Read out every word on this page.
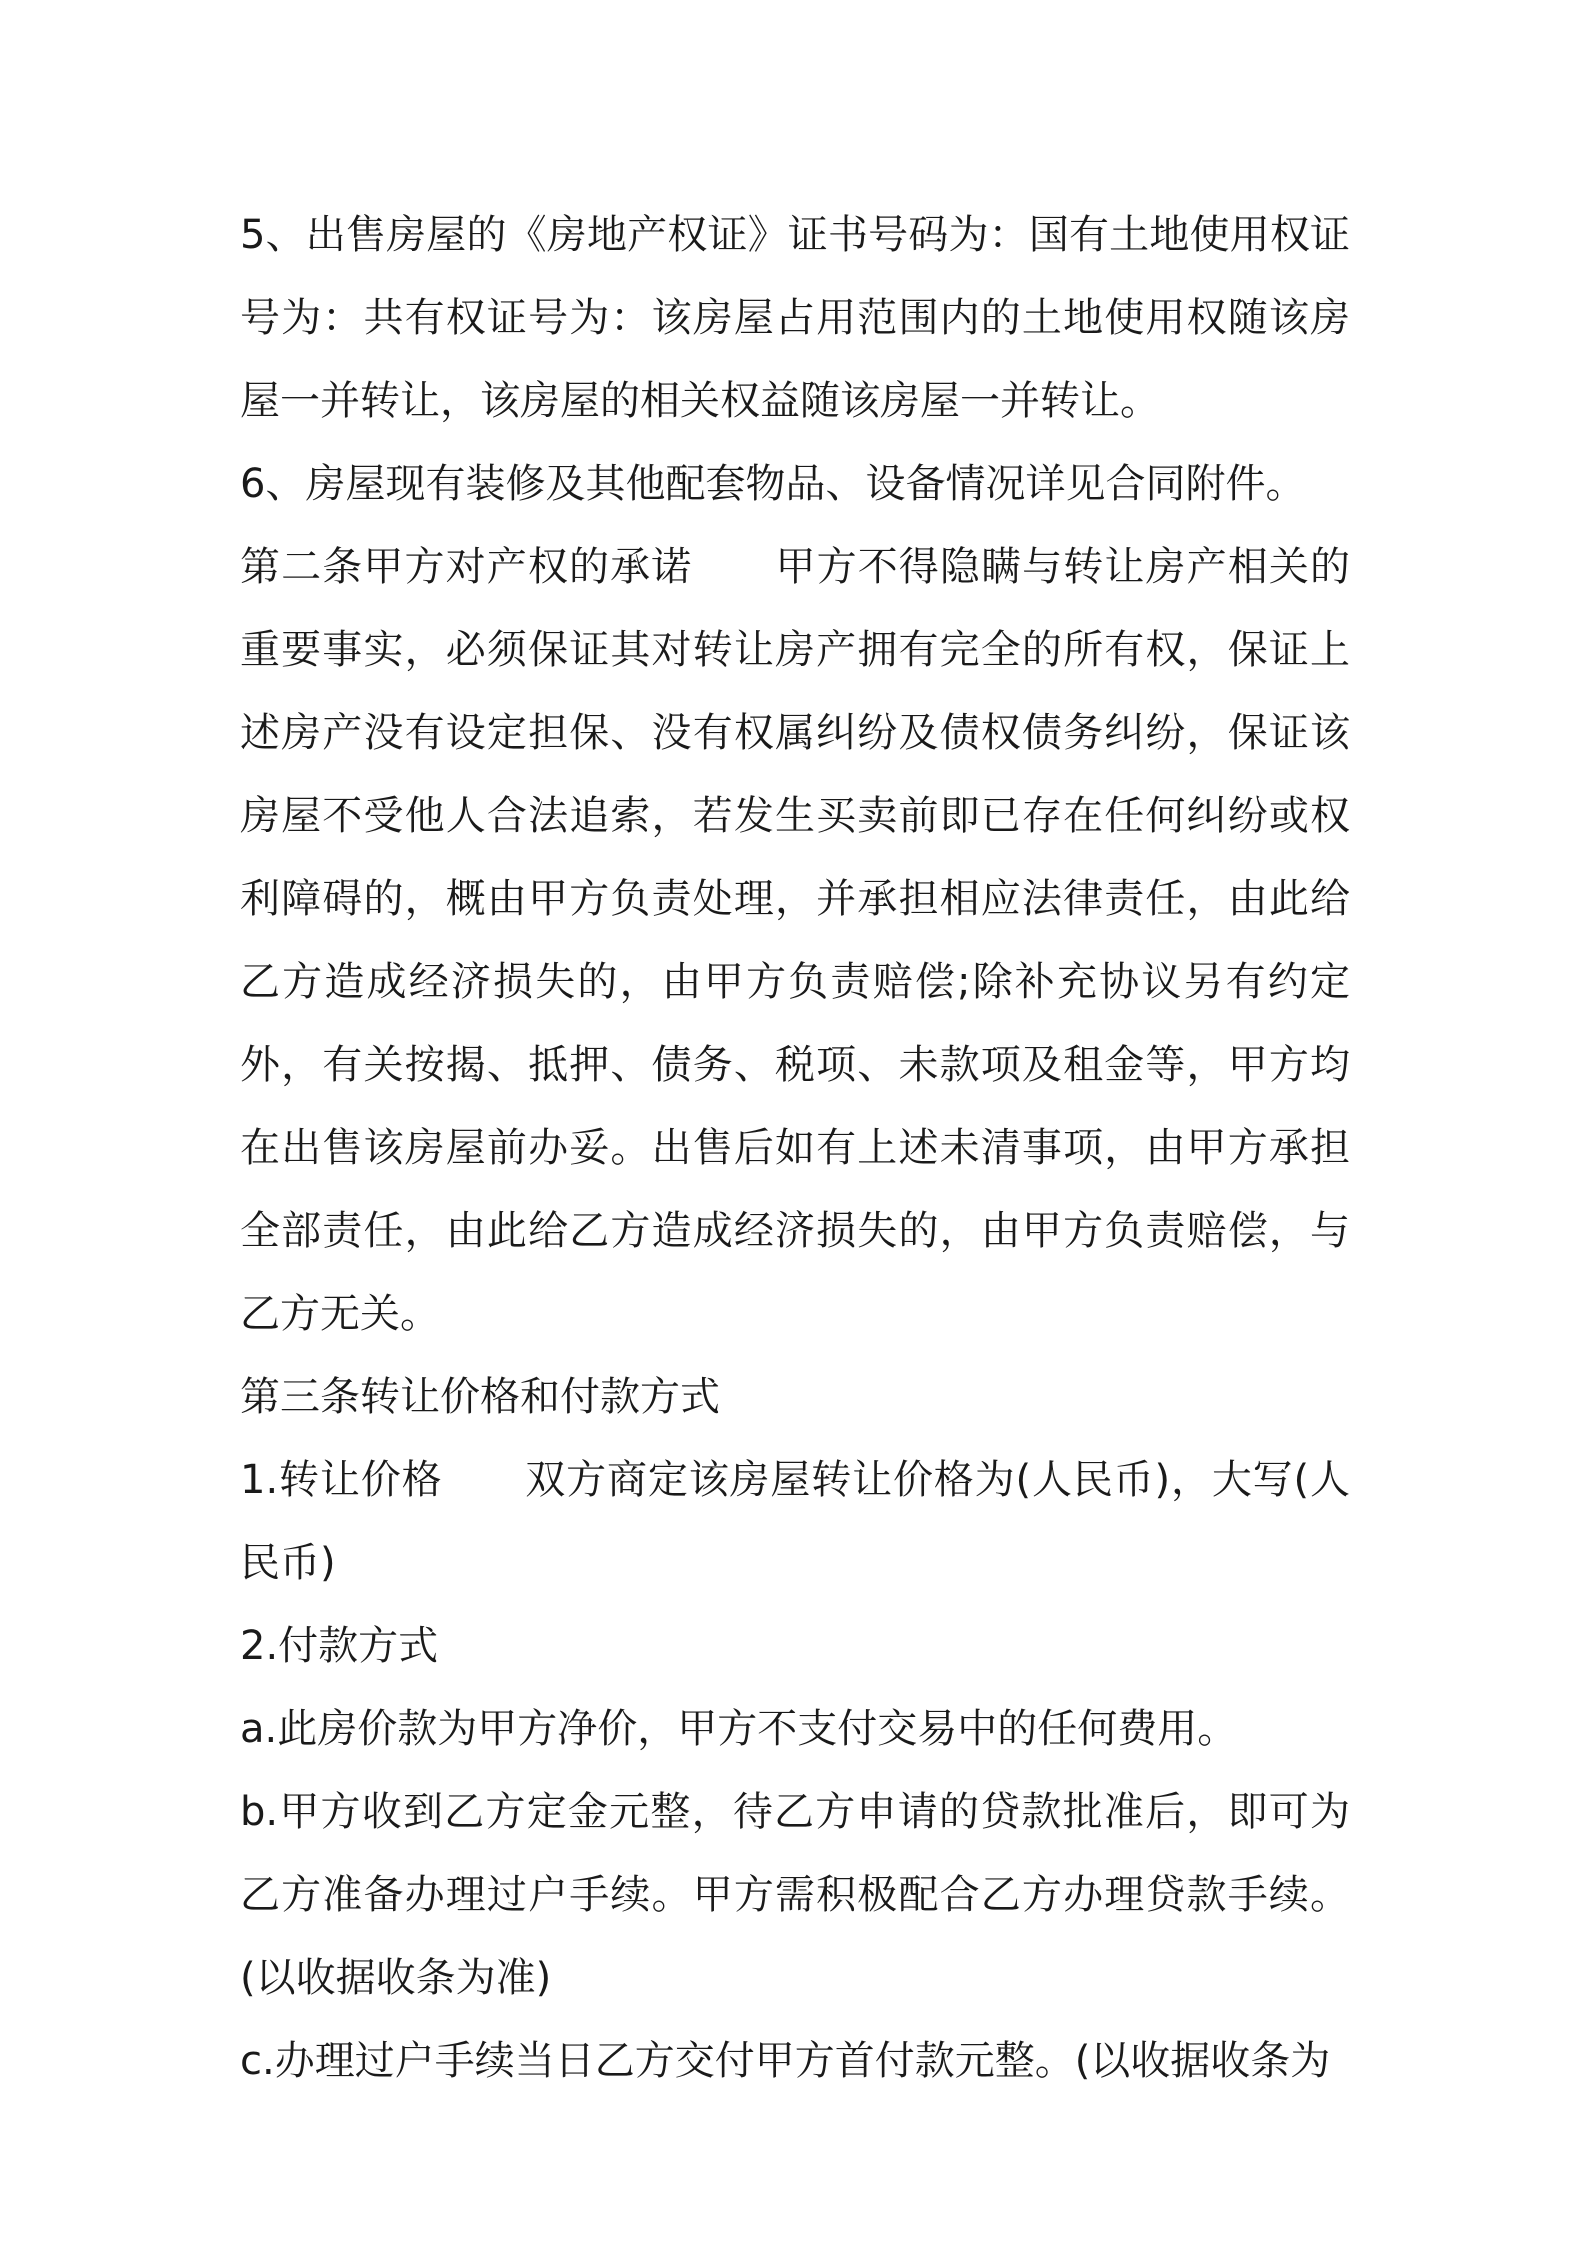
5、出售房屋的《房地产权证》证书号码为：国有土地使用权证号为：共有权证号为：该房屋占用范围内的土地使用权随该房屋一并转让，该房屋的相关权益随该房屋一并转让。

6、房屋现有装修及其他配套物品、设备情况详见合同附件。

第二条甲方对产权的承诺 甲方不得隐瞒与转让房产相关的重要事实，必须保证其对转让房产拥有完全的所有权，保证上述房产没有设定担保、没有权属纠纷及债权债务纠纷，保证该房屋不受他人合法追索，若发生买卖前即已存在任何纠纷或权利障碍的，概由甲方负责处理，并承担相应法律责任，由此给乙方造成经济损失的，由甲方负责赔偿;除补充协议另有约定外，有关按揭、抵押、债务、税项、未款项及租金等，甲方均在出售该房屋前办妥。出售后如有上述未清事项，由甲方承担全部责任，由此给乙方造成经济损失的，由甲方负责赔偿，与乙方无关。

第三条转让价格和付款方式

1.转让价格 双方商定该房屋转让价格为(人民币)，大写(人民币)

2.付款方式

a.此房价款为甲方净价，甲方不支付交易中的任何费用。

b.甲方收到乙方定金元整，待乙方申请的贷款批准后，即可为乙方准备办理过户手续。甲方需积极配合乙方办理贷款手续。(以收据收条为准)

c.办理过户手续当日乙方交付甲方首付款元整。(以收据收条为
